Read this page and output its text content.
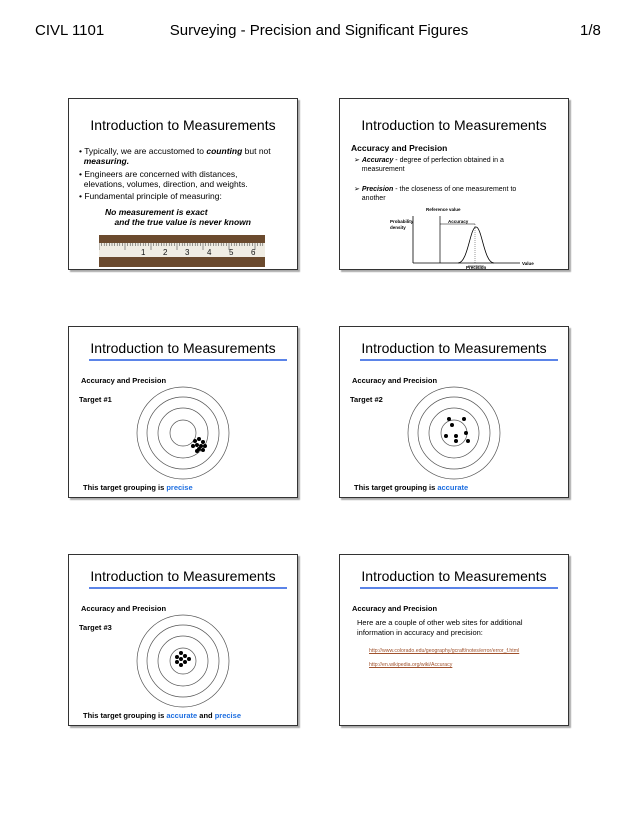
CIVL 1101	Surveying - Precision and Significant Figures	1/8
Introduction to Measurements
• Typically, we are accustomed to counting but not
measuring.
• Engineers are concerned with distances,
elevations, volumes, direction, and weights.
• Fundamental principle of measuring:
No measurement is exact
and the true value is never known
1 2 3 4 5 6
Introduction to Measurements
Accuracy and Precision
➢ Accuracy - degree of perfection obtained in a
measurement
➢ Precision - the closeness of one measurement to
another
Reference value
Probability
density
Accuracy
Value
Precision
Introduction to Measurements
Accuracy and Precision
Target #1
This target grouping is precise
Introduction to Measurements
Accuracy and Precision
Target #2
This target grouping is accurate
Introduction to Measurements
Accuracy and Precision
Target #3
This target grouping is accurate and precise
Introduction to Measurements
Accuracy and Precision
Here are a couple of other web sites for additional
information in accuracy and precision:
http://www.colorado.edu/geography/gcraft/notes/error/error_f.html
http://en.wikipedia.org/wiki/Accuracy
